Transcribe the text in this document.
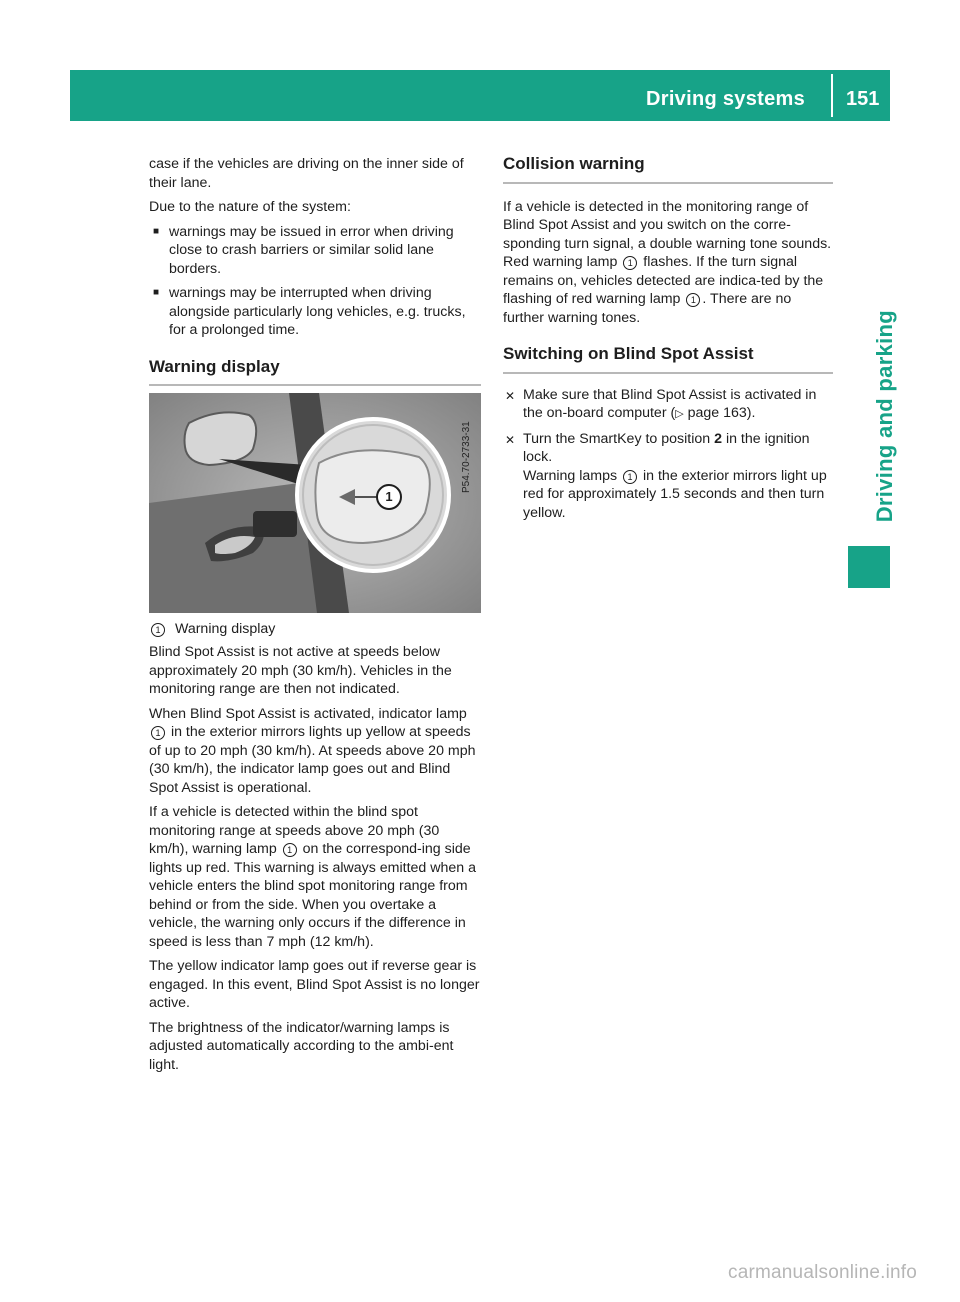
Driving systems 151
Driving and parking

case if the vehicles are driving on the inner side of their lane.

Due to the nature of the system:

■ warnings may be issued in error when driving close to crash barriers or similar solid lane borders.
■ warnings may be interrupted when driving alongside particularly long vehicles, e.g. trucks, for a prolonged time.
Warning display
1
P54.70-2733-31

1 Warning display

Blind Spot Assist is not active at speeds below approximately 20 mph (30 km/h). Vehicles in the monitoring range are then not indicated.

When Blind Spot Assist is activated, indicator lamp 1 in the exterior mirrors lights up yellow at speeds of up to 20 mph (30 km/h). At speeds above 20 mph (30 km/h), the indicator lamp goes out and Blind Spot Assist is operational.

If a vehicle is detected within the blind spot monitoring range at speeds above 20 mph (30 km/h), warning lamp 1 on the correspond-ing side lights up red. This warning is always emitted when a vehicle enters the blind spot monitoring range from behind or from the side. When you overtake a vehicle, the warning only occurs if the difference in speed is less than 7 mph (12 km/h).

The yellow indicator lamp goes out if reverse gear is engaged. In this event, Blind Spot Assist is no longer active.

The brightness of the indicator/warning lamps is adjusted automatically according to the ambi-ent light.

Collision warning

If a vehicle is detected in the monitoring range of Blind Spot Assist and you switch on the corre-sponding turn signal, a double warning tone sounds. Red warning lamp 1 flashes. If the turn signal remains on, vehicles detected are indica-ted by the flashing of red warning lamp 1 . There are no further warning tones.

Switching on Blind Spot Assist
✕ Make sure that Blind Spot Assist is activated in the on-board computer (▷ page 163).
✕ Turn the SmartKey to position 2 in the ignition lock.
Warning lamps 1 in the exterior mirrors light up red for approximately 1.5 seconds and then turn yellow.
carmanualsonline.info
